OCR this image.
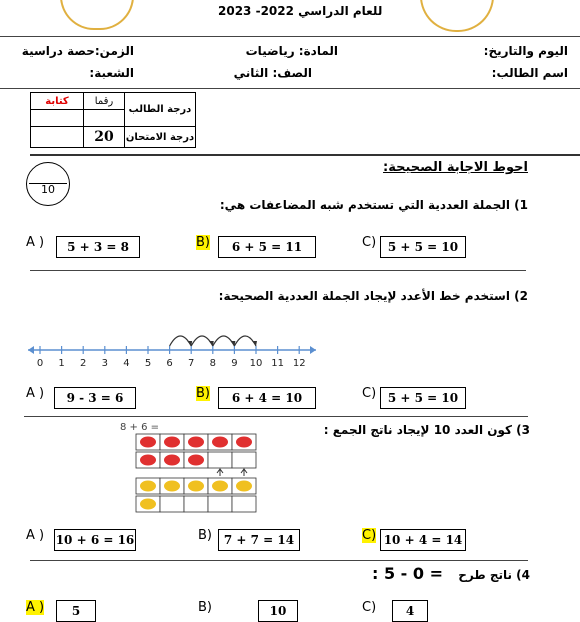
للعام الدراسي 2022- 2023
اليوم والتاريخ:
اسم الطالب:
المادة: رياضيات
الصف: الثاني
الزمن:حصة دراسية
الشعبة:
كتابة	رقما	درجة الطالب

	20	درجة الامتحان
10
احوط الاجابة الصحيحة:
1) الجملة العددية التي تستخدم شبه المضاعفات هي:
A )	5 + 3 = 8	B)	6 + 5 = 11	C) 5 + 5 = 10
2) استخدم خط الأعدد لإيجاد الجملة العددية الصحيحة:
0 1 2 3 4 5 6 7 8 9 10 11 12
A )	9 - 3 = 6	B)	6 + 4 = 10	C) 5 + 5 = 10
3) كون العدد 10 لإيجاد ناتج الجمع :
8 + 6 =
A ) 10 + 6 = 16	B) 7 + 7 = 14	C) 10 + 4 = 14
4) ناتج طرح
: 5 - 0 =
A )	5	B)	10	C)	4
